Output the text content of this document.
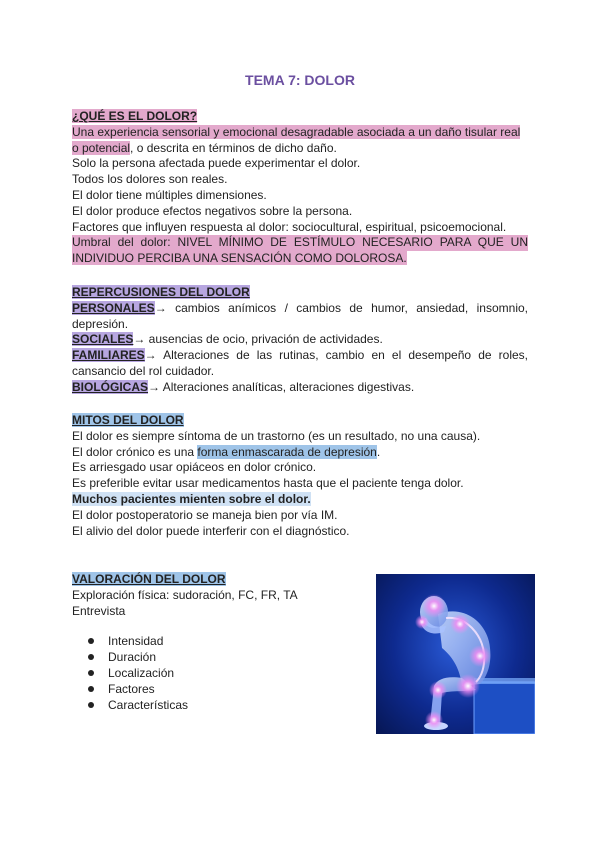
TEMA 7: DOLOR
¿QUÉ ES EL DOLOR?
Una experiencia sensorial y emocional desagradable asociada a un daño tisular real
o potencial, o descrita en términos de dicho daño.
Solo la persona afectada puede experimentar el dolor.
Todos los dolores son reales.
El dolor tiene múltiples dimensiones.
El dolor produce efectos negativos sobre la persona.
Factores que influyen respuesta al dolor: sociocultural, espiritual, psicoemocional.
Umbral del dolor: NIVEL MÍNIMO DE ESTÍMULO NECESARIO PARA QUE UN
INDIVIDUO PERCIBA UNA SENSACIÓN COMO DOLOROSA.
REPERCUSIONES DEL DOLOR
PERSONALES→ cambios anímicos / cambios de humor, ansiedad, insomnio,
depresión.
SOCIALES→ ausencias de ocio, privación de actividades.
FAMILIARES→ Alteraciones de las rutinas, cambio en el desempeño de roles,
cansancio del rol cuidador.
BIOLÓGICAS→ Alteraciones analíticas, alteraciones digestivas.
MITOS DEL DOLOR
El dolor es siempre síntoma de un trastorno (es un resultado, no una causa).
El dolor crónico es una forma enmascarada de depresión.
Es arriesgado usar opiáceos en dolor crónico.
Es preferible evitar usar medicamentos hasta que el paciente tenga dolor.
Muchos pacientes mienten sobre el dolor.
El dolor postoperatorio se maneja bien por vía IM.
El alivio del dolor puede interferir con el diagnóstico.
VALORACIÓN DEL DOLOR
Exploración física: sudoración, FC, FR, TA
Entrevista
Intensidad
Duración
Localización
Factores
Características
